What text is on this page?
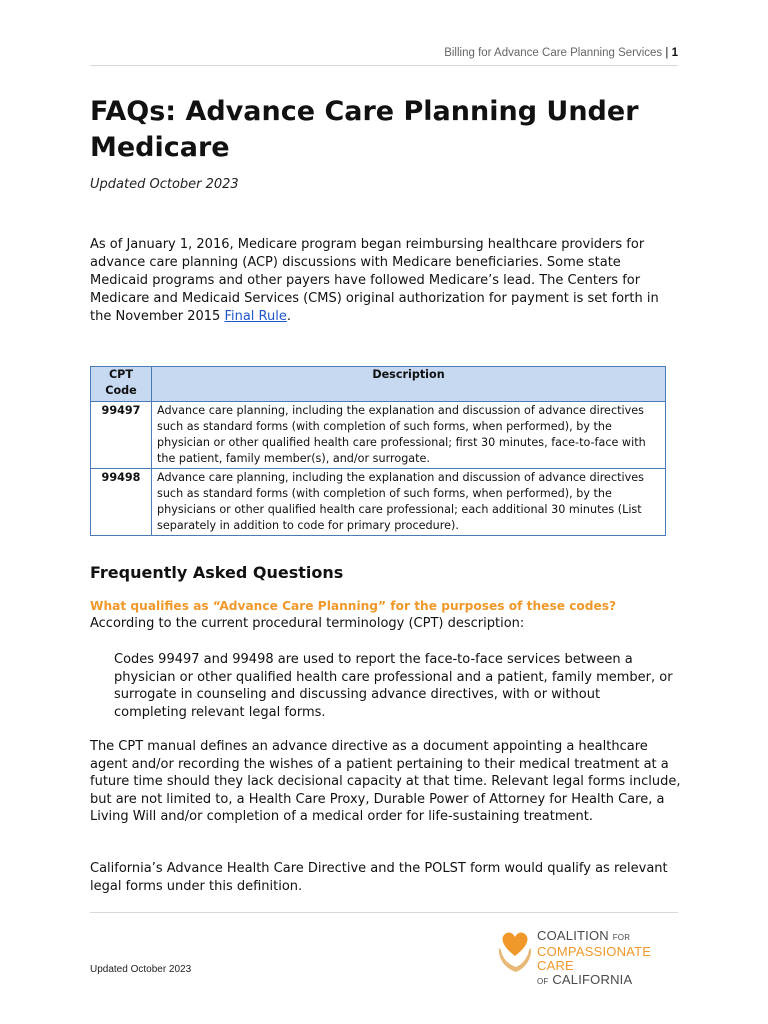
Billing for Advance Care Planning Services | 1
FAQs: Advance Care Planning Under Medicare

Updated October 2023

As of January 1, 2016, Medicare program began reimbursing healthcare providers for advance care planning (ACP) discussions with Medicare beneficiaries. Some state Medicaid programs and other payers have followed Medicare’s lead. The Centers for Medicare and Medicaid Services (CMS) original authorization for payment is set forth in the November 2015 Final Rule.

CPT Code	Description
99497	Advance care planning, including the explanation and discussion of advance directives such as standard forms (with completion of such forms, when performed), by the physician or other qualified health care professional; first 30 minutes, face-to-face with the patient, family member(s), and/or surrogate.
99498	Advance care planning, including the explanation and discussion of advance directives such as standard forms (with completion of such forms, when performed), by the physicians or other qualified health care professional; each additional 30 minutes (List separately in addition to code for primary procedure).
Frequently Asked Questions

What qualifies as “Advance Care Planning” for the purposes of these codes?

According to the current procedural terminology (CPT) description:

Codes 99497 and 99498 are used to report the face-to-face services between a physician or other qualified health care professional and a patient, family member, or surrogate in counseling and discussing advance directives, with or without completing relevant legal forms.

The CPT manual defines an advance directive as a document appointing a healthcare agent and/or recording the wishes of a patient pertaining to their medical treatment at a future time should they lack decisional capacity at that time. Relevant legal forms include, but are not limited to, a Health Care Proxy, Durable Power of Attorney for Health Care, a Living Will and/or completion of a medical order for life-sustaining treatment.

California’s Advance Health Care Directive and the POLST form would qualify as relevant legal forms under this definition.

Updated October 2023
COALITION FOR
COMPASSIONATE CARE
OF CALIFORNIA
